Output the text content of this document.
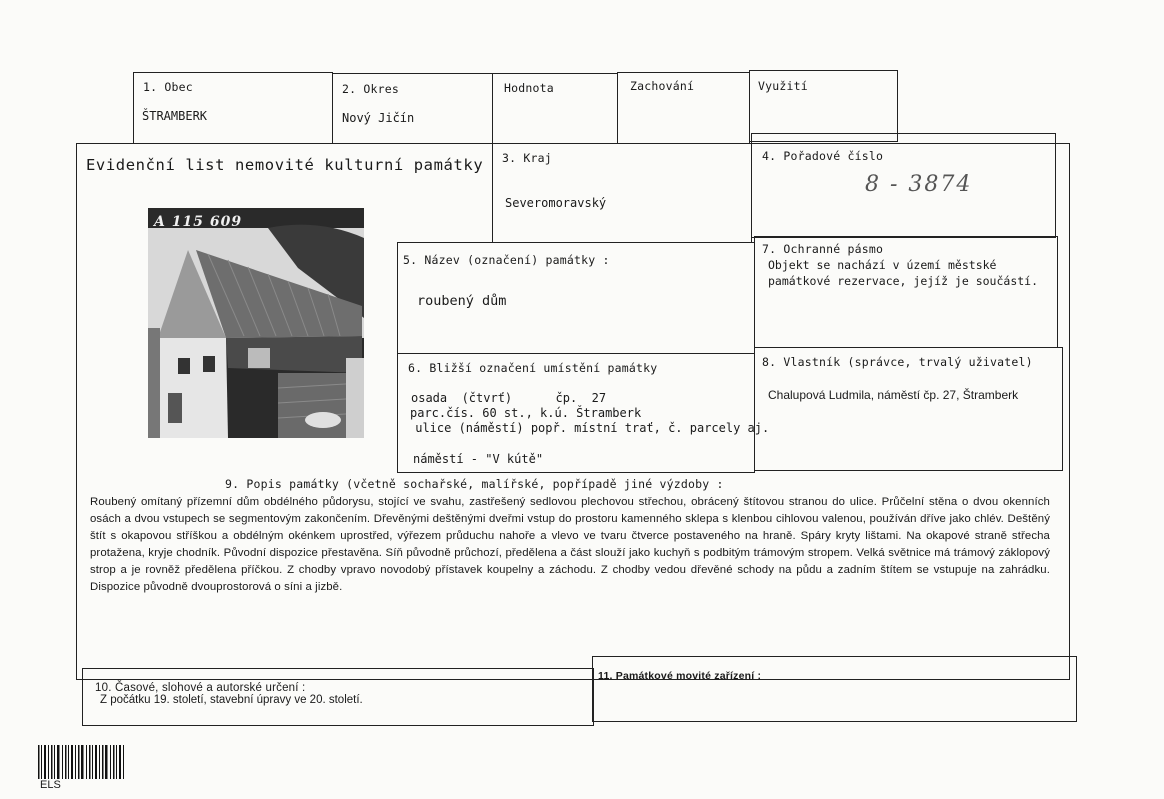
1. Obec
ŠTRAMBERK
2. Okres
Nový Jičín
Hodnota	Zachování	Využití
Evidenční list nemovité kulturní památky 3. Kraj
Severomoravský
4. Pořadové číslo
8 - 3874
A 115 609
5. Název (označení) památky :
roubený dům
7. Ochranné pásmo
Objekt se nachází v území městské památkové rezervace, jejíž je součástí.
6. Bližší označení umístění památky
osada  (čtvrť)      čp.  27
parc.čís. 60 st., k.ú. Štramberk
ulice (náměstí) popř. místní trať, č. parcely aj.
náměstí - "V kútě"
8. Vlastník (správce, trvalý uživatel)
Chalupová Ludmila, náměstí čp. 27, Štramberk
9. Popis památky (včetně sochařské, malířské, popřípadě jiné výzdoby :
Roubený omítaný přízemní dům obdélného půdorysu, stojící ve svahu, zastřešený sedlovou plechovou střechou, obrácený štítovou stranou do ulice. Průčelní stěna o dvou okenních osách a dvou vstupech se segmentovým zakončením. Dřevěnými deštěnými dveřmi vstup do prostoru kamenného sklepa s klenbou cihlovou valenou, používán dříve jako chlév. Deštěný štít s okapovou stříškou a obdélným okénkem uprostřed, výřezem průduchu nahoře a vlevo ve tvaru čtverce postaveného na hraně. Spáry kryty lištami. Na okapové straně střecha protažena, kryje chodník. Původní dispozice přestavěna. Síň původně průchozí, předělena a část slouží jako kuchyň s podbitým trámovým stropem. Velká světnice má trámový záklopový strop a je rovněž předělena příčkou. Z chodby vpravo novodobý přístavek koupelny a záchodu. Z chodby vedou dřevěné schody na půdu a zadním štítem se vstupuje na zahrádku. Dispozice původně dvouprostorová o síni a jizbě.
10. Časové, slohové a autorské určení :
Z počátku 19. století, stavební úpravy ve 20. století.
11. Památkové movité zařízení :
ELS
